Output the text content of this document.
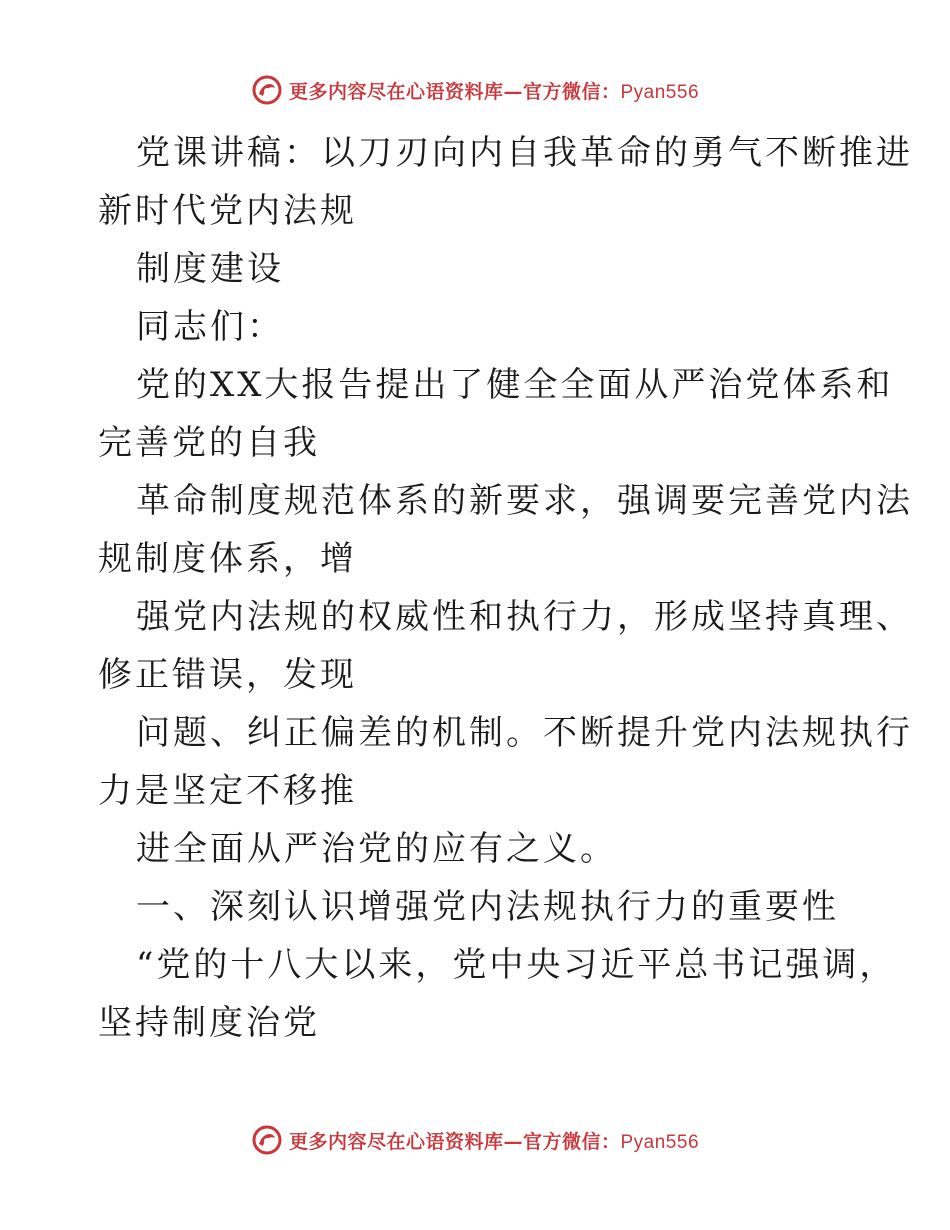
更多内容尽在心语资料库—官方微信：Pyan556
党课讲稿：以刀刃向内自我革命的勇气不断推进
新时代党内法规
制度建设
同志们：
党的XX大报告提出了健全全面从严治党体系和
完善党的自我
革命制度规范体系的新要求，强调要完善党内法
规制度体系，增
强党内法规的权威性和执行力，形成坚持真理、
修正错误，发现
问题、纠正偏差的机制。不断提升党内法规执行
力是坚定不移推
进全面从严治党的应有之义。
一、深刻认识增强党内法规执行力的重要性
“党的十八大以来，党中央习近平总书记强调，
坚持制度治党
更多内容尽在心语资料库—官方微信：Pyan556
